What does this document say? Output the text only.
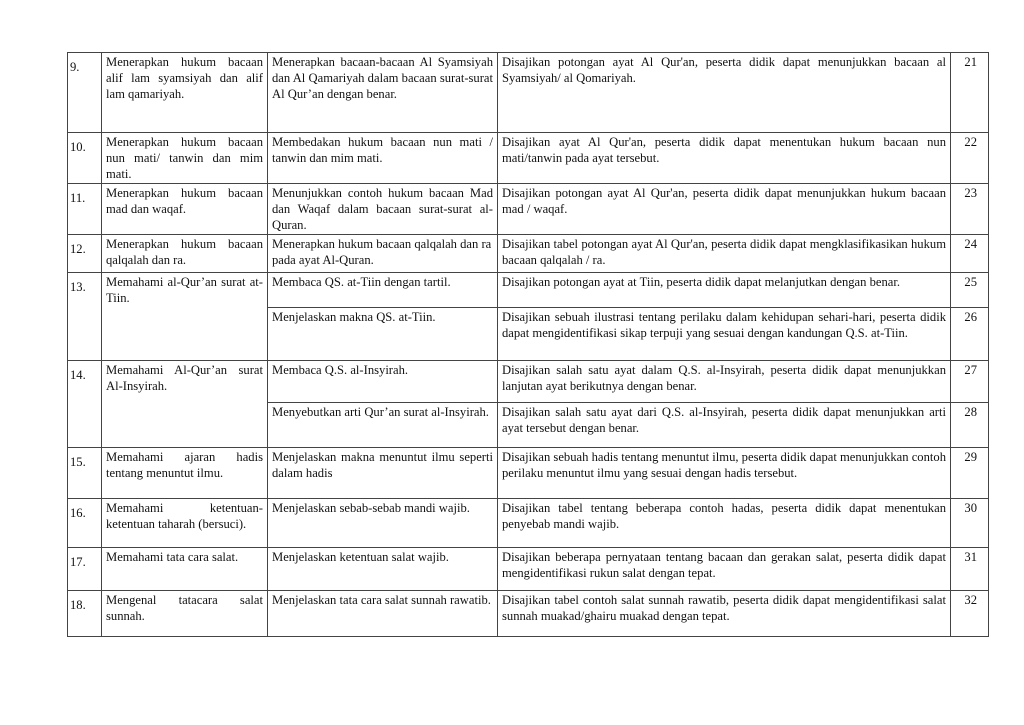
9.	Menerapkan hukum bacaan alif lam syamsiyah dan alif lam qamariyah.	Menerapkan bacaan-bacaan Al Syamsiyah dan Al Qamariyah dalam bacaan surat-surat Al Qur’an dengan benar.	Disajikan potongan ayat Al Qur'an, peserta didik dapat menunjukkan bacaan al Syamsiyah/ al Qomariyah.	21
10.	Menerapkan hukum bacaan nun mati/ tanwin dan mim mati.	Membedakan hukum bacaan nun mati / tanwin dan mim mati.	Disajikan ayat Al Qur'an, peserta didik dapat menentukan hukum bacaan nun mati/tanwin pada ayat tersebut.	22
11.	Menerapkan hukum bacaan mad dan waqaf.	Menunjukkan contoh hukum bacaan Mad dan Waqaf dalam bacaan surat-surat al-Quran.	Disajikan potongan ayat Al Qur'an, peserta didik dapat menunjukkan hukum bacaan mad / waqaf.	23
12.	Menerapkan hukum bacaan qalqalah dan ra.	Menerapkan hukum bacaan qalqalah dan ra pada ayat Al-Quran.	Disajikan tabel potongan ayat Al Qur'an, peserta didik dapat mengklasifikasikan hukum bacaan qalqalah / ra.	24
13.	Memahami al-Qur’an surat at-Tiin.	Membaca QS. at-Tiin dengan tartil.	Disajikan potongan ayat at Tiin, peserta didik dapat melanjutkan dengan benar.	25
		Menjelaskan makna QS. at-Tiin.	Disajikan sebuah ilustrasi tentang perilaku dalam kehidupan sehari-hari, peserta didik dapat mengidentifikasi sikap terpuji yang sesuai dengan kandungan Q.S. at-Tiin.	26
14.	Memahami Al-Qur’an surat Al-Insyirah.	Membaca Q.S. al-Insyirah.	Disajikan salah satu ayat dalam Q.S. al-Insyirah, peserta didik dapat menunjukkan lanjutan ayat berikutnya dengan benar.	27
		Menyebutkan arti Qur’an surat al-Insyirah.	Disajikan salah satu ayat dari Q.S. al-Insyirah, peserta didik dapat menunjukkan arti ayat tersebut dengan benar.	28
15.	Memahami ajaran hadis tentang menuntut ilmu.	Menjelaskan makna menuntut ilmu seperti dalam hadis	Disajikan sebuah hadis tentang menuntut ilmu, peserta didik dapat menunjukkan contoh perilaku menuntut ilmu yang sesuai dengan hadis tersebut.	29
16.	Memahami ketentuan-ketentuan taharah (bersuci).	Menjelaskan sebab-sebab mandi wajib.	Disajikan tabel tentang beberapa contoh hadas, peserta didik dapat menentukan penyebab mandi wajib.	30
17.	Memahami tata cara salat.	Menjelaskan ketentuan salat wajib.	Disajikan beberapa pernyataan tentang bacaan dan gerakan salat, peserta didik dapat mengidentifikasi rukun salat dengan tepat.	31
18.	Mengenal tatacara salat sunnah.	Menjelaskan tata cara salat sunnah rawatib.	Disajikan tabel contoh salat sunnah rawatib, peserta didik dapat mengidentifikasi salat sunnah muakad/ghairu muakad dengan tepat.	32
